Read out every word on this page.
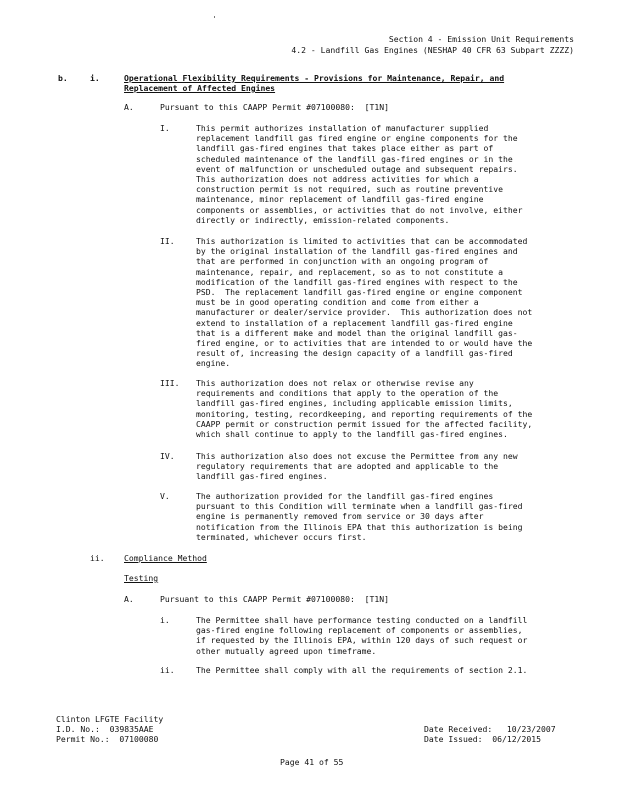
Section 4 - Emission Unit Requirements

4.2 - Landfill Gas Engines (NESHAP 40 CFR 63 Subpart ZZZZ)

b.	i.	Operational Flexibility Requirements - Provisions for Maintenance, Repair, and

Replacement of Affected Engines

A.	Pursuant to this CAAPP Permit #07100080:  [T1N]

I.	This permit authorizes installation of manufacturer supplied
replacement landfill gas fired engine or engine components for the
landfill gas-fired engines that takes place either as part of
scheduled maintenance of the landfill gas-fired engines or in the
event of malfunction or unscheduled outage and subsequent repairs.
This authorization does not address activities for which a
construction permit is not required, such as routine preventive
maintenance, minor replacement of landfill gas-fired engine
components or assemblies, or activities that do not involve, either
directly or indirectly, emission-related components.

II.	This authorization is limited to activities that can be accommodated
by the original installation of the landfill gas-fired engines and
that are performed in conjunction with an ongoing program of
maintenance, repair, and replacement, so as to not constitute a
modification of the landfill gas-fired engines with respect to the
PSD.  The replacement landfill gas-fired engine or engine component
must be in good operating condition and come from either a
manufacturer or dealer/service provider.  This authorization does not
extend to installation of a replacement landfill gas-fired engine
that is a different make and model than the original landfill gas-
fired engine, or to activities that are intended to or would have the
result of, increasing the design capacity of a landfill gas-fired
engine.

III. This authorization does not relax or otherwise revise any
requirements and conditions that apply to the operation of the
landfill gas-fired engines, including applicable emission limits,
monitoring, testing, recordkeeping, and reporting requirements of the
CAAPP permit or construction permit issued for the affected facility,
which shall continue to apply to the landfill gas-fired engines.

IV.	This authorization also does not excuse the Permittee from any new
regulatory requirements that are adopted and applicable to the
landfill gas-fired engines.

V.	The authorization provided for the landfill gas-fired engines
pursuant to this Condition will terminate when a landfill gas-fired
engine is permanently removed from service or 30 days after
notification from the Illinois EPA that this authorization is being
terminated, whichever occurs first.

ii. Compliance Method

Testing

A.	Pursuant to this CAAPP Permit #07100080:  [T1N]

i.	The Permittee shall have performance testing conducted on a landfill
gas-fired engine following replacement of components or assemblies,
if requested by the Illinois EPA, within 120 days of such request or
other mutually agreed upon timeframe.

ii.	The Permittee shall comply with all the requirements of section 2.1.

Clinton LFGTE Facility

I.D. No.:  039835AAE

Permit No.:  07100080

Date Received:   10/23/2007

Date Issued:  06/12/2015

Page 41 of 55
